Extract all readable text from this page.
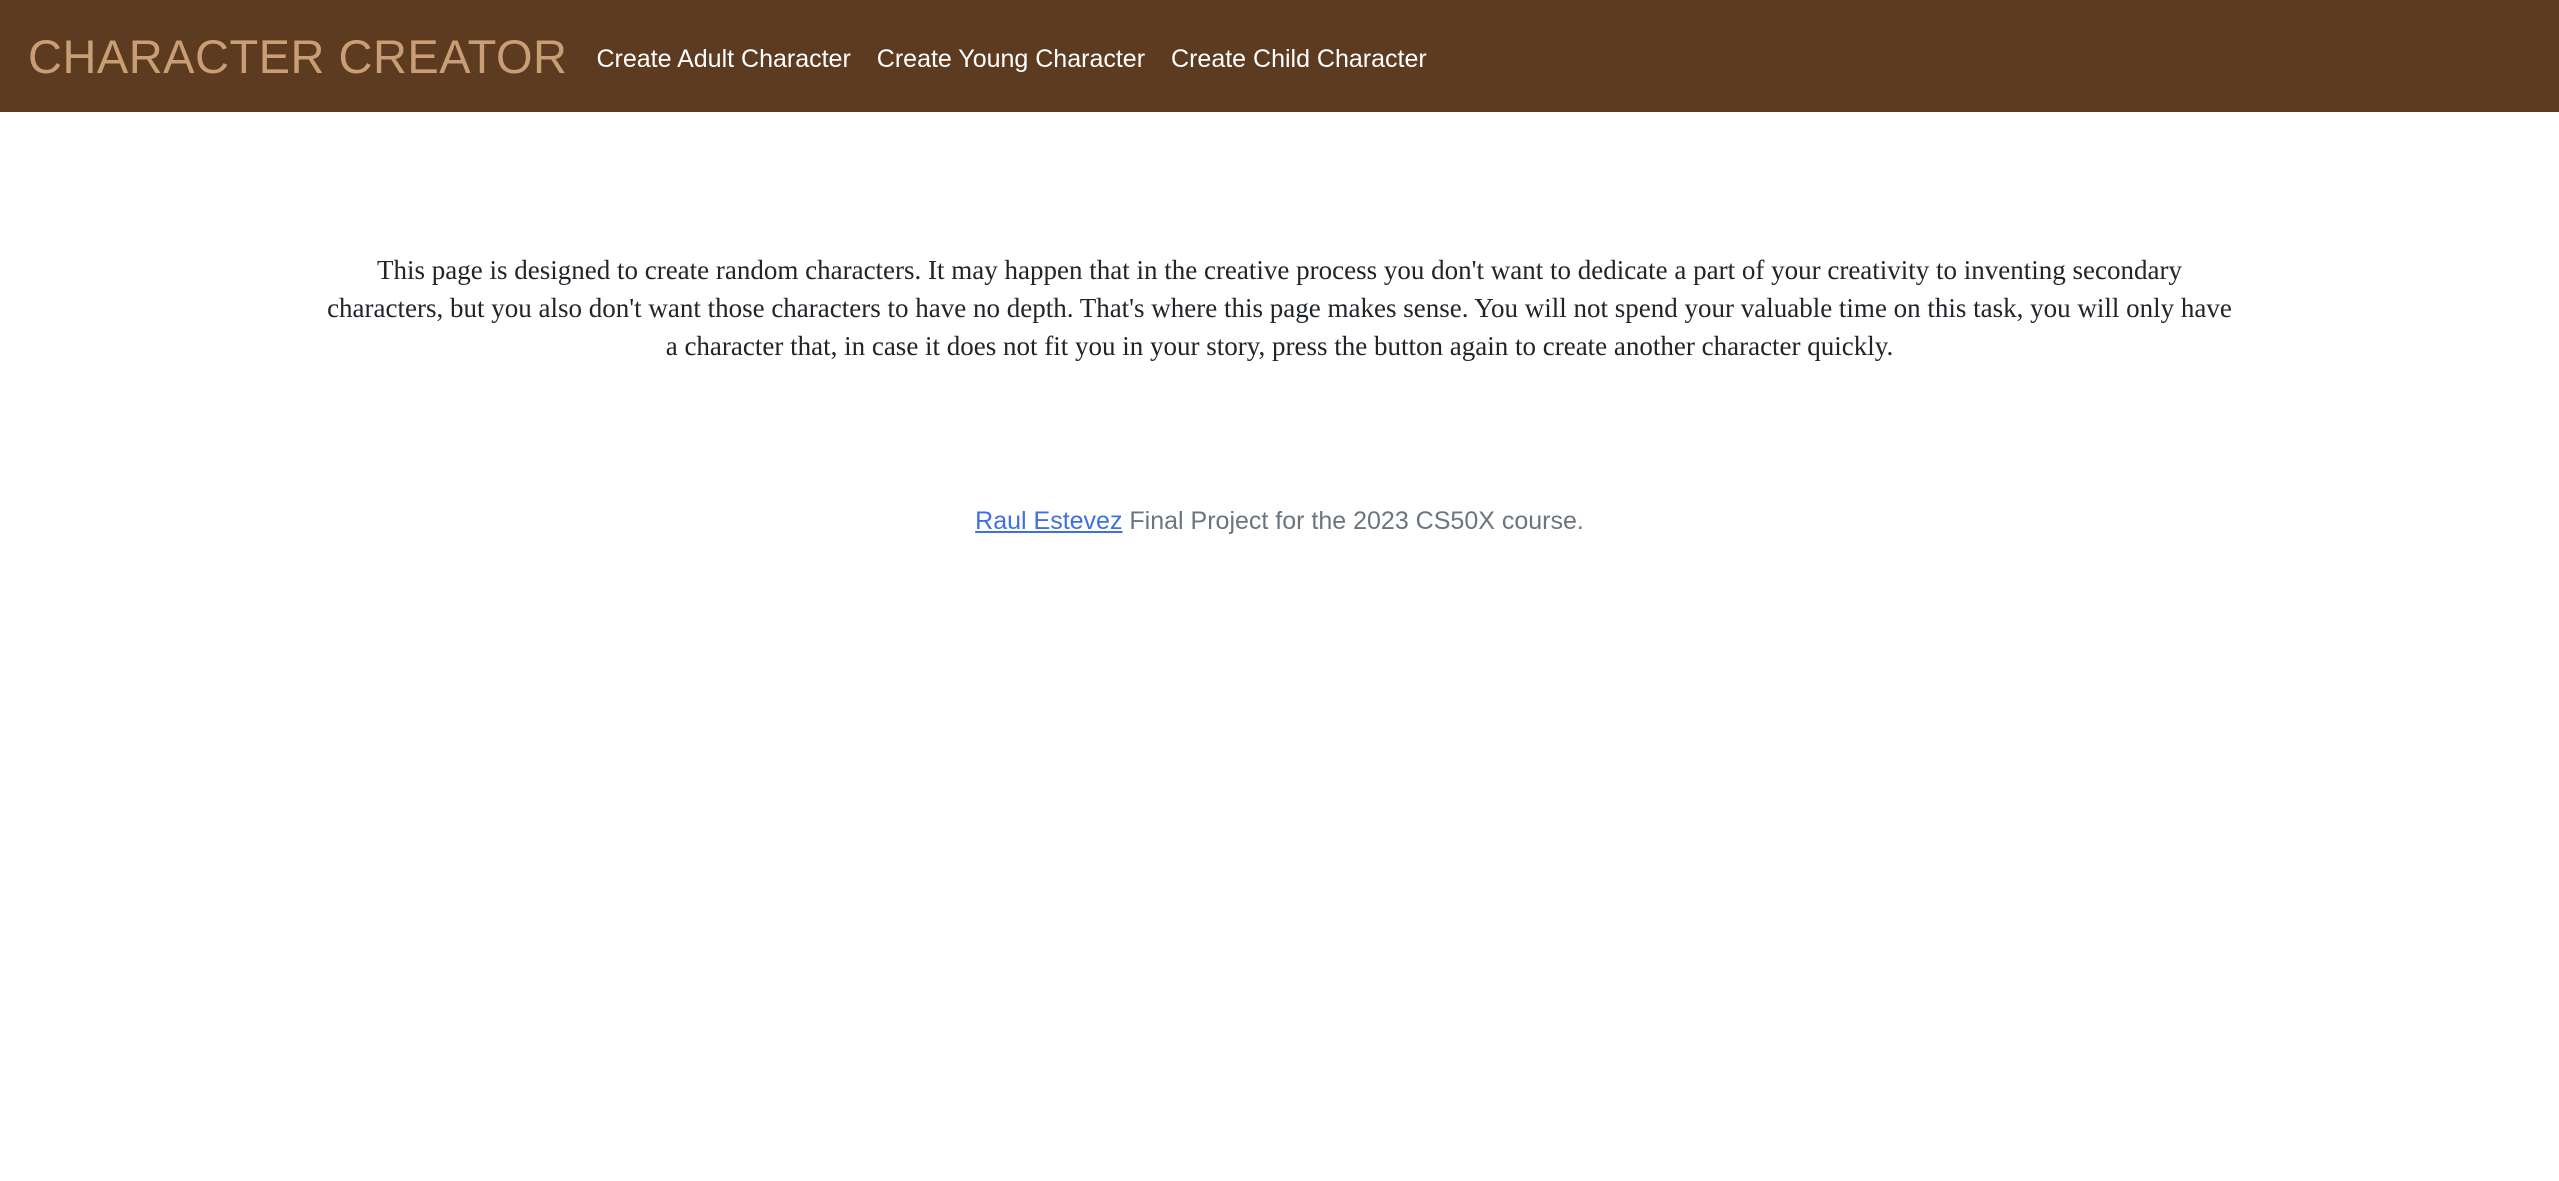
CHARACTER CREATOR	Create Adult Character	Create Young Character	Create Child Character

This page is designed to create random characters. It may happen that in the creative process you don't want to dedicate a part of your creativity to inventing secondary characters, but you also don't want those characters to have no depth. That's where this page makes sense. You will not spend your valuable time on this task, you will only have a character that, in case it does not fit you in your story, press the button again to create another character quickly.

Raul Estevez Final Project for the 2023 CS50X course.
